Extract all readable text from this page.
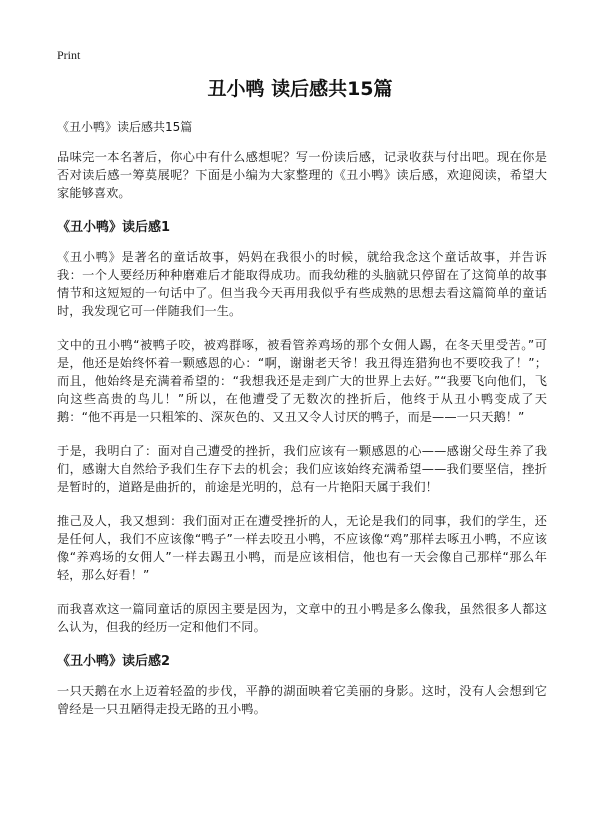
Print
丑小鸭 读后感共15篇

《丑小鸭》读后感共15篇

品味完一本名著后，你心中有什么感想呢？写一份读后感，记录收获与付出吧。现在你是否对读后感一筹莫展呢？下面是小编为大家整理的《丑小鸭》读后感，欢迎阅读，希望大家能够喜欢。

《丑小鸭》读后感1

《丑小鸭》是著名的童话故事，妈妈在我很小的时候，就给我念这个童话故事，并告诉我：一个人要经历种种磨难后才能取得成功。而我幼稚的头脑就只停留在了这简单的故事情节和这短短的一句话中了。但当我今天再用我似乎有些成熟的思想去看这篇简单的童话时，我发现它可一伴随我们一生。

文中的丑小鸭“被鸭子咬，被鸡群啄，被看管养鸡场的那个女佣人踢，在冬天里受苦。”可是，他还是始终怀着一颗感恩的心：“啊，谢谢老天爷！我丑得连猎狗也不要咬我了！”；而且，他始终是充满着希望的：“我想我还是走到广大的世界上去好。”“我要飞向他们，飞向这些高贵的鸟儿！”所以，在他遭受了无数次的挫折后，他终于从丑小鸭变成了天鹅：“他不再是一只粗笨的、深灰色的、又丑又令人讨厌的鸭子，而是——一只天鹅！”

于是，我明白了：面对自己遭受的挫折，我们应该有一颗感恩的心——感谢父母生养了我们，感谢大自然给予我们生存下去的机会；我们应该始终充满希望——我们要坚信，挫折是暂时的，道路是曲折的，前途是光明的，总有一片艳阳天属于我们！

推己及人，我又想到：我们面对正在遭受挫折的人，无论是我们的同事，我们的学生，还是任何人，我们不应该像“鸭子”一样去咬丑小鸭，不应该像“鸡”那样去啄丑小鸭，不应该像“养鸡场的女佣人”一样去踢丑小鸭，而是应该相信，他也有一天会像自己那样“那么年轻，那么好看！”

而我喜欢这一篇同童话的原因主要是因为，文章中的丑小鸭是多么像我，虽然很多人都这么认为，但我的经历一定和他们不同。

《丑小鸭》读后感2

一只天鹅在水上迈着轻盈的步伐，平静的湖面映着它美丽的身影。这时，没有人会想到它曾经是一只丑陋得走投无路的丑小鸭。
